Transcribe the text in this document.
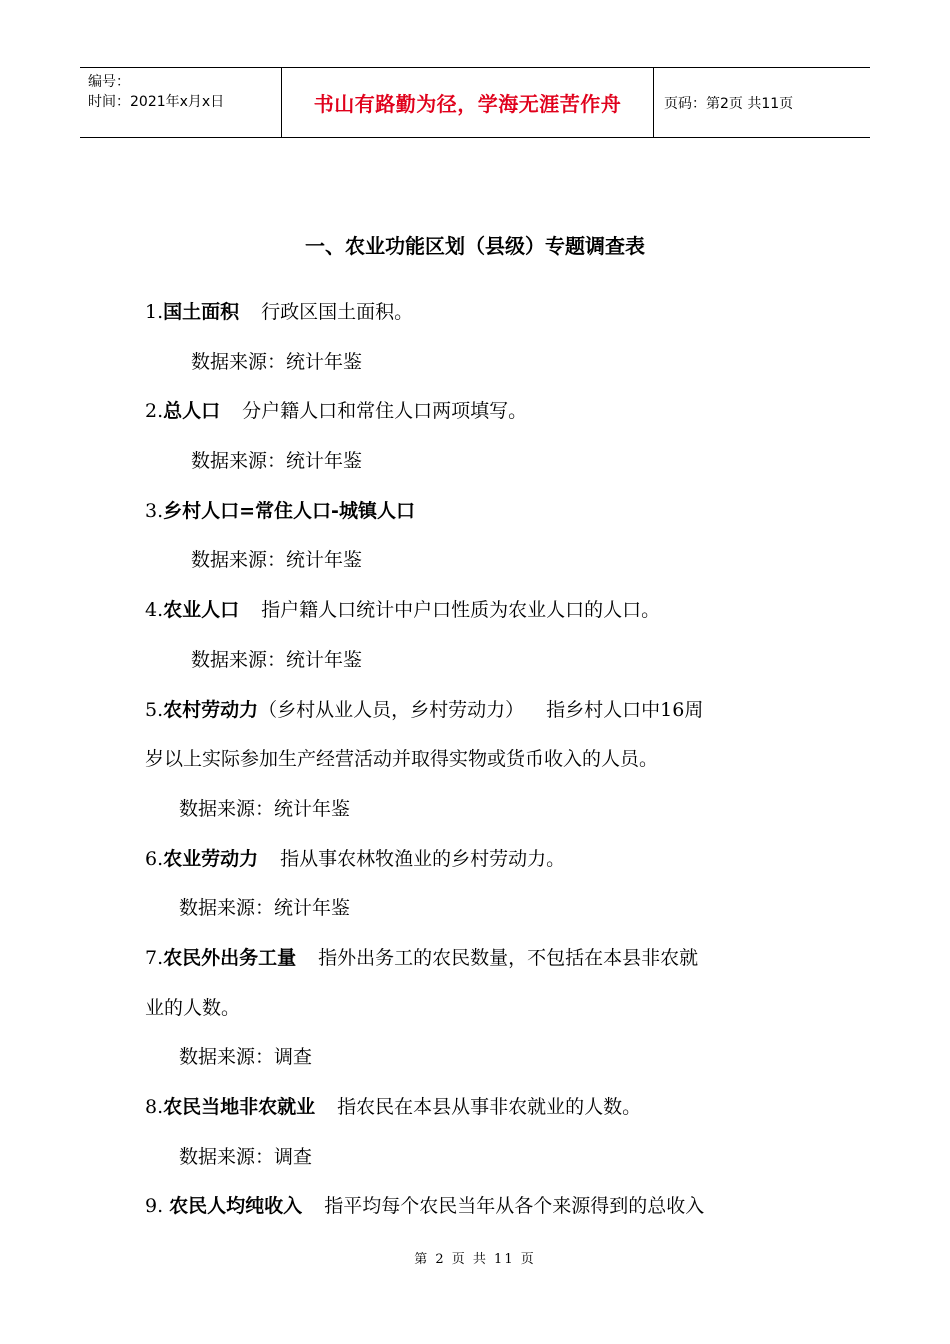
编号：
时间：2021年x月x日	书山有路勤为径，学海无涯苦作舟	页码：第2页 共11页
一、农业功能区划（县级）专题调查表
1.国土面积 行政区国土面积。
数据来源：统计年鉴
2.总人口 分户籍人口和常住人口两项填写。
数据来源：统计年鉴
3.乡村人口=常住人口-城镇人口
数据来源：统计年鉴
4.农业人口 指户籍人口统计中户口性质为农业人口的人口。
数据来源：统计年鉴
5.农村劳动力（乡村从业人员，乡村劳动力） 指乡村人口中16周
岁以上实际参加生产经营活动并取得实物或货币收入的人员。
数据来源：统计年鉴
6.农业劳动力 指从事农林牧渔业的乡村劳动力。
数据来源：统计年鉴
7.农民外出务工量 指外出务工的农民数量，不包括在本县非农就
业的人数。
数据来源：调查
8.农民当地非农就业 指农民在本县从事非农就业的人数。
数据来源：调查
9. 农民人均纯收入 指平均每个农民当年从各个来源得到的总收入
第 2 页 共 11 页
